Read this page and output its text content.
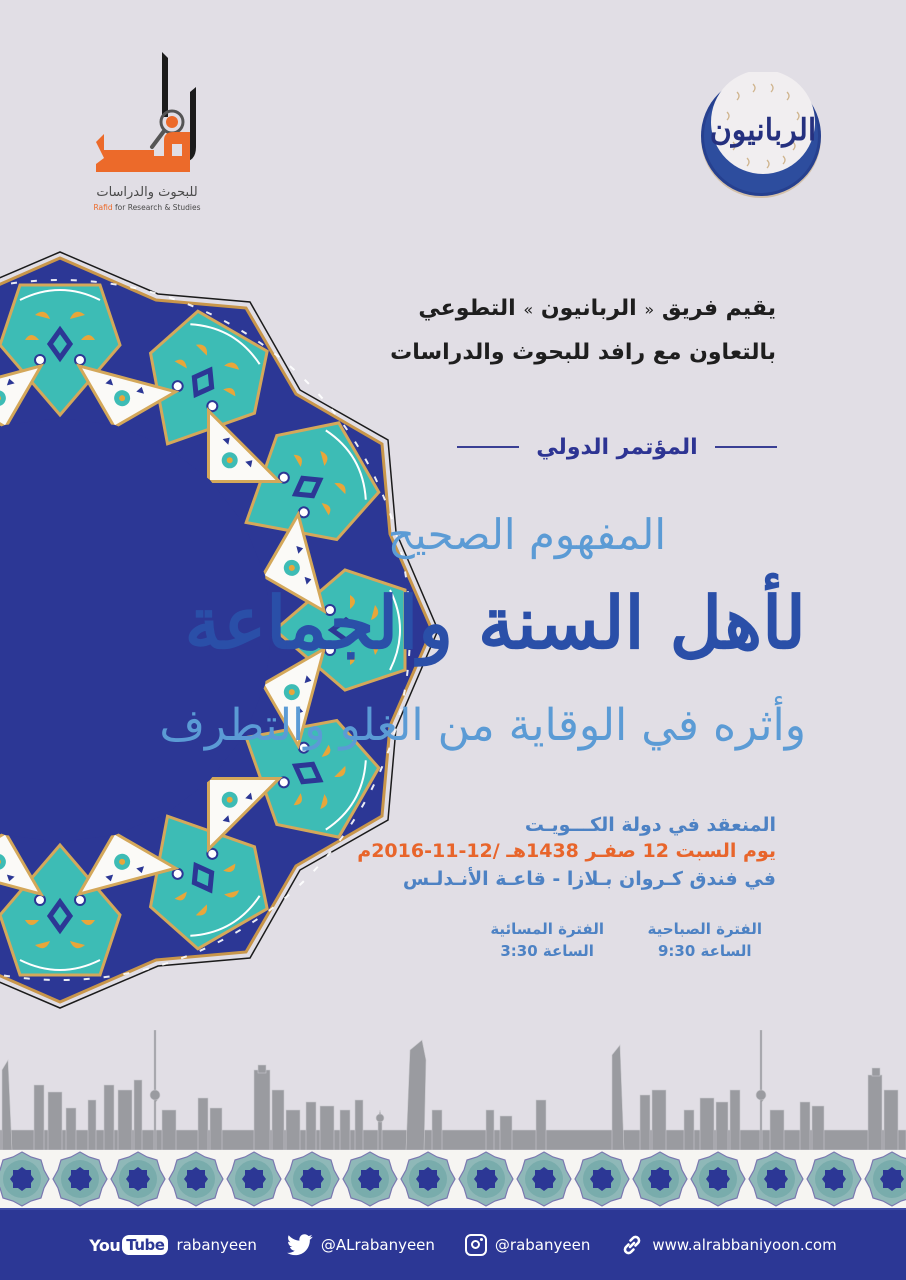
للبحوث والدراسات
Rafid for Research & Studies
الربانيون
يقيم فريق « الربانيون » التطوعي
بالتعاون مع رافد للبحوث والدراسات
المؤتمر الدولي
المفهوم الصحيح
لأهل السنة والجماعة
وأثره في الوقاية من الغلو والتطرف
المنعقد في دولة الكـــويـت
يوم السبت 12 صفـر 1438هـ /12-11-2016م
في فندق كـروان بـلازا - قاعـة الأنـدلـس
الفترة الصباحية
الساعة 9:30
الفترة المسائية
الساعة 3:30
You Tube rabanyeen	@ALrabanyeen	@rabanyeen	www.alrabbaniyoon.com
